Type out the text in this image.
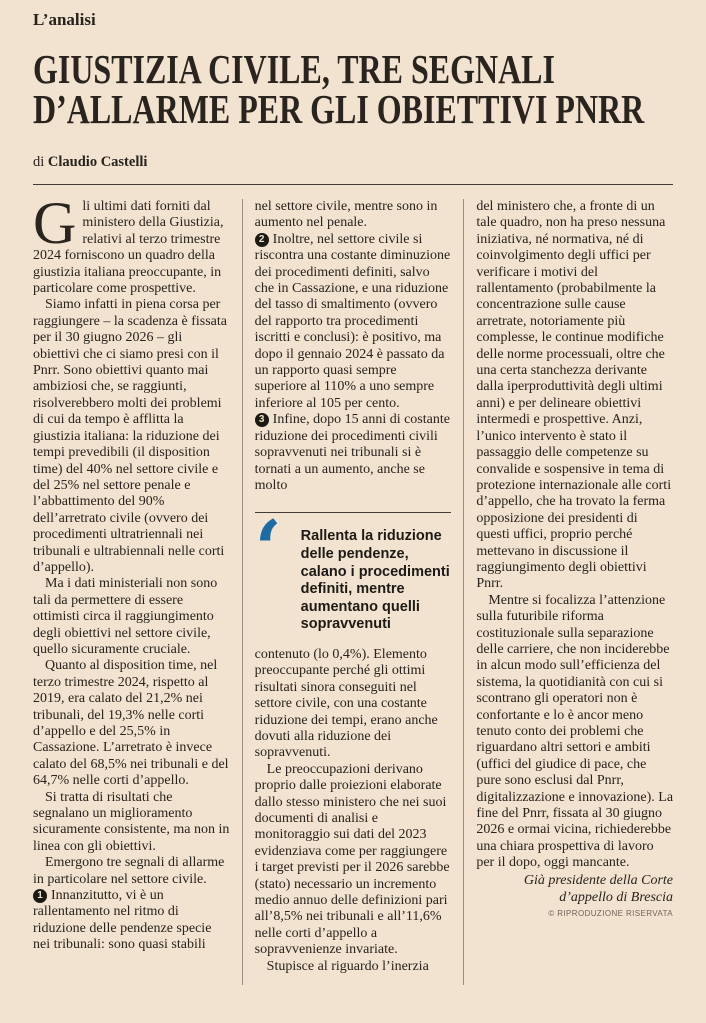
L’analisi
GIUSTIZIA CIVILE, TRE SEGNALI
D’ALLARME PER GLI OBIETTIVI PNRR
di Claudio Castelli

Gli ultimi dati forniti dal ministero della Giustizia, relativi al terzo trimestre 2024 forniscono un quadro della giustizia italiana preoccupante, in particolare come prospettive.

Siamo infatti in piena corsa per raggiungere – la scadenza è fissata per il 30 giugno 2026 – gli obiettivi che ci siamo presi con il Pnrr. Sono obiettivi quanto mai ambiziosi che, se raggiunti, risolverebbero molti dei problemi di cui da tempo è afflitta la giustizia italiana: la riduzione dei tempi prevedibili (il disposition time) del 40% nel settore civile e del 25% nel settore penale e l’abbattimento del 90% dell’arretrato civile (ovvero dei procedimenti ultratriennali nei tribunali e ultrabiennali nelle corti d’appello).

Ma i dati ministeriali non sono tali da permettere di essere ottimisti circa il raggiungimento degli obiettivi nel settore civile, quello sicuramente cruciale.

Quanto al disposition time, nel terzo trimestre 2024, rispetto al 2019, era calato del 21,2% nei tribunali, del 19,3% nelle corti d’appello e del 25,5% in Cassazione. L’arretrato è invece calato del 68,5% nei tribunali e del 64,7% nelle corti d’appello.

Si tratta di risultati che segnalano un miglioramento sicuramente consistente, ma non in linea con gli obiettivi.

Emergono tre segnali di allarme in particolare nel settore civile.

1 Innanzitutto, vi è un rallentamento nel ritmo di riduzione delle pendenze specie nei tribunali: sono quasi stabili

nel settore civile, mentre sono in aumento nel penale.

2 Inoltre, nel settore civile si riscontra una costante diminuzione dei procedimenti definiti, salvo che in Cassazione, e una riduzione del tasso di smaltimento (ovvero del rapporto tra procedimenti iscritti e conclusi): è positivo, ma dopo il gennaio 2024 è passato da un rapporto quasi sempre superiore al 110% a uno sempre inferiore al 105 per cento.

3 Infine, dopo 15 anni di costante riduzione dei procedimenti civili sopravvenuti nei tribunali si è tornati a un aumento, anche se molto

‘	Rallenta la riduzione delle pendenze, calano i procedimenti definiti, mentre aumentano quelli sopravvenuti

contenuto (lo 0,4%). Elemento preoccupante perché gli ottimi risultati sinora conseguiti nel settore civile, con una costante riduzione dei tempi, erano anche dovuti alla riduzione dei sopravvenuti.

Le preoccupazioni derivano proprio dalle proiezioni elaborate dallo stesso ministero che nei suoi documenti di analisi e monitoraggio sui dati del 2023 evidenziava come per raggiungere i target previsti per il 2026 sarebbe (stato) necessario un incremento medio annuo delle definizioni pari all’8,5% nei tribunali e all’11,6% nelle corti d’appello a sopravvenienze invariate.

Stupisce al riguardo l’inerzia

del ministero che, a fronte di un tale quadro, non ha preso nessuna iniziativa, né normativa, né di coinvolgimento degli uffici per verificare i motivi del rallentamento (probabilmente la concentrazione sulle cause arretrate, notoriamente più complesse, le continue modifiche delle norme processuali, oltre che una certa stanchezza derivante dalla iperproduttività degli ultimi anni) e per delineare obiettivi intermedi e prospettive. Anzi, l’unico intervento è stato il passaggio delle competenze su convalide e sospensive in tema di protezione internazionale alle corti d’appello, che ha trovato la ferma opposizione dei presidenti di questi uffici, proprio perché mettevano in discussione il raggiungimento degli obiettivi Pnrr.

Mentre si focalizza l’attenzione sulla futuribile riforma costituzionale sulla separazione delle carriere, che non inciderebbe in alcun modo sull’efficienza del sistema, la quotidianità con cui si scontrano gli operatori non è confortante e lo è ancor meno tenuto conto dei problemi che riguardano altri settori e ambiti (uffici del giudice di pace, che pure sono esclusi dal Pnrr, digitalizzazione e innovazione). La fine del Pnrr, fissata al 30 giugno 2026 e ormai vicina, richiederebbe una chiara prospettiva di lavoro per il dopo, oggi mancante.

Già presidente della Corte d’appello di Brescia

© RIPRODUZIONE RISERVATA
